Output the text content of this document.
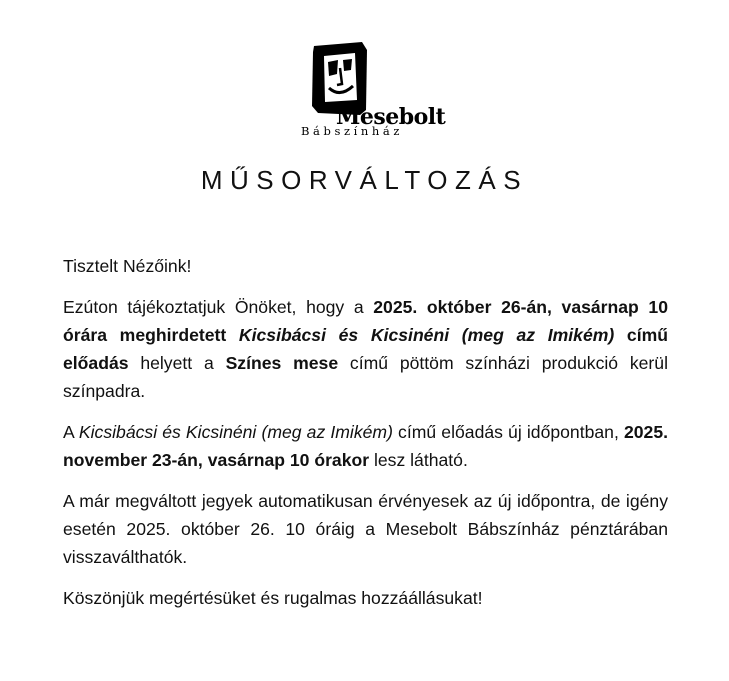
Mesebolt
Bábszínház
MŰSORVÁLTOZÁS

Tisztelt Nézőink!

Ezúton tájékoztatjuk Önöket, hogy a 2025. október 26-án, vasárnap 10 órára meghirdetett Kicsibácsi és Kicsinéni (meg az Imikém) című előadás helyett a Színes mese című pöttöm színházi produkció kerül színpadra.

A Kicsibácsi és Kicsinéni (meg az Imikém) című előadás új időpontban, 2025. november 23-án, vasárnap 10 órakor lesz látható.

A már megváltott jegyek automatikusan érvényesek az új időpontra, de igény esetén 2025. október 26. 10 óráig a Mesebolt Bábszínház pénztárában visszaválthatók.

Köszönjük megértésüket és rugalmas hozzáállásukat!
